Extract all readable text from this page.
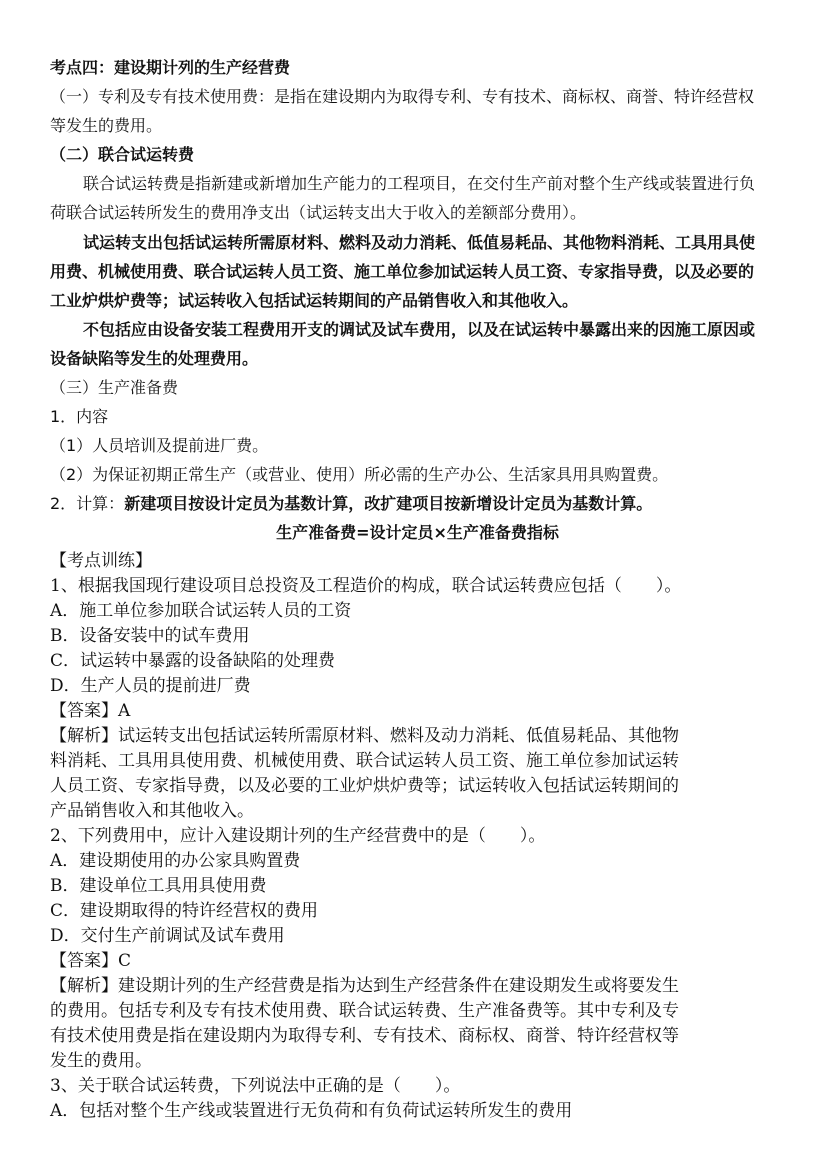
考点四：建设期计列的生产经营费
（一）专利及专有技术使用费：是指在建设期内为取得专利、专有技术、商标权、商誉、特许经营权
等发生的费用。
（二）联合试运转费
联合试运转费是指新建或新增加生产能力的工程项目，在交付生产前对整个生产线或装置进行负
荷联合试运转所发生的费用净支出（试运转支出大于收入的差额部分费用）。
试运转支出包括试运转所需原材料、燃料及动力消耗、低值易耗品、其他物料消耗、工具用具使
用费、机械使用费、联合试运转人员工资、施工单位参加试运转人员工资、专家指导费，以及必要的
工业炉烘炉费等；试运转收入包括试运转期间的产品销售收入和其他收入。
不包括应由设备安装工程费用开支的调试及试车费用，以及在试运转中暴露出来的因施工原因或
设备缺陷等发生的处理费用。
（三）生产准备费
1．内容
（1）人员培训及提前进厂费。
（2）为保证初期正常生产（或营业、使用）所必需的生产办公、生活家具用具购置费。
2．计算：新建项目按设计定员为基数计算，改扩建项目按新增设计定员为基数计算。
生产准备费=设计定员×生产准备费指标
【考点训练】
1、根据我国现行建设项目总投资及工程造价的构成，联合试运转费应包括（　　）。
A．施工单位参加联合试运转人员的工资
B．设备安装中的试车费用
C．试运转中暴露的设备缺陷的处理费
D．生产人员的提前进厂费
【答案】A
【解析】试运转支出包括试运转所需原材料、燃料及动力消耗、低值易耗品、其他物
料消耗、工具用具使用费、机械使用费、联合试运转人员工资、施工单位参加试运转
人员工资、专家指导费，以及必要的工业炉烘炉费等；试运转收入包括试运转期间的
产品销售收入和其他收入。
2、下列费用中，应计入建设期计列的生产经营费中的是（　　）。
A．建设期使用的办公家具购置费
B．建设单位工具用具使用费
C．建设期取得的特许经营权的费用
D．交付生产前调试及试车费用
【答案】C
【解析】建设期计列的生产经营费是指为达到生产经营条件在建设期发生或将要发生
的费用。包括专利及专有技术使用费、联合试运转费、生产准备费等。其中专利及专
有技术使用费是指在建设期内为取得专利、专有技术、商标权、商誉、特许经营权等
发生的费用。
3、关于联合试运转费，下列说法中正确的是（　　）。
A．包括对整个生产线或装置进行无负荷和有负荷试运转所发生的费用
